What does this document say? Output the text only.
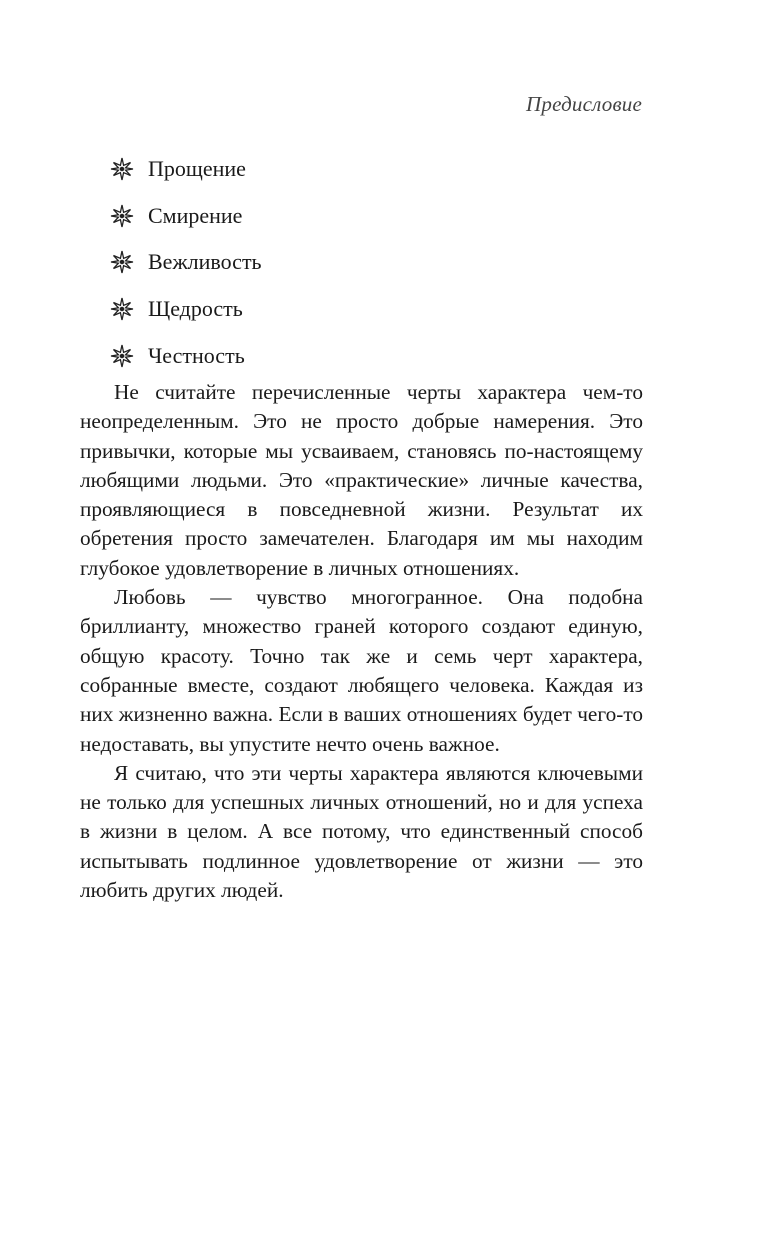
Предисловие
Прощение
Смирение
Вежливость
Щедрость
Честность

Не считайте перечисленные черты характера чем-то неопределенным. Это не просто добрые намерения. Это привычки, которые мы усваиваем, становясь по-настоящему любящими людьми. Это «практические» личные качества, проявляющиеся в повседневной жизни. Результат их обретения просто замечателен. Благодаря им мы находим глубокое удовлетворение в личных отношениях.

Любовь — чувство многогранное. Она подобна бриллианту, множество граней которого создают единую, общую красоту. Точно так же и семь черт характера, собранные вместе, создают любящего человека. Каждая из них жизненно важна. Если в ваших отношениях будет чего-то недоставать, вы упустите нечто очень важное.

Я считаю, что эти черты характера являются ключевыми не только для успешных личных отношений, но и для успеха в жизни в целом. А все потому, что единственный способ испытывать подлинное удовлетворение от жизни — это любить других людей.
